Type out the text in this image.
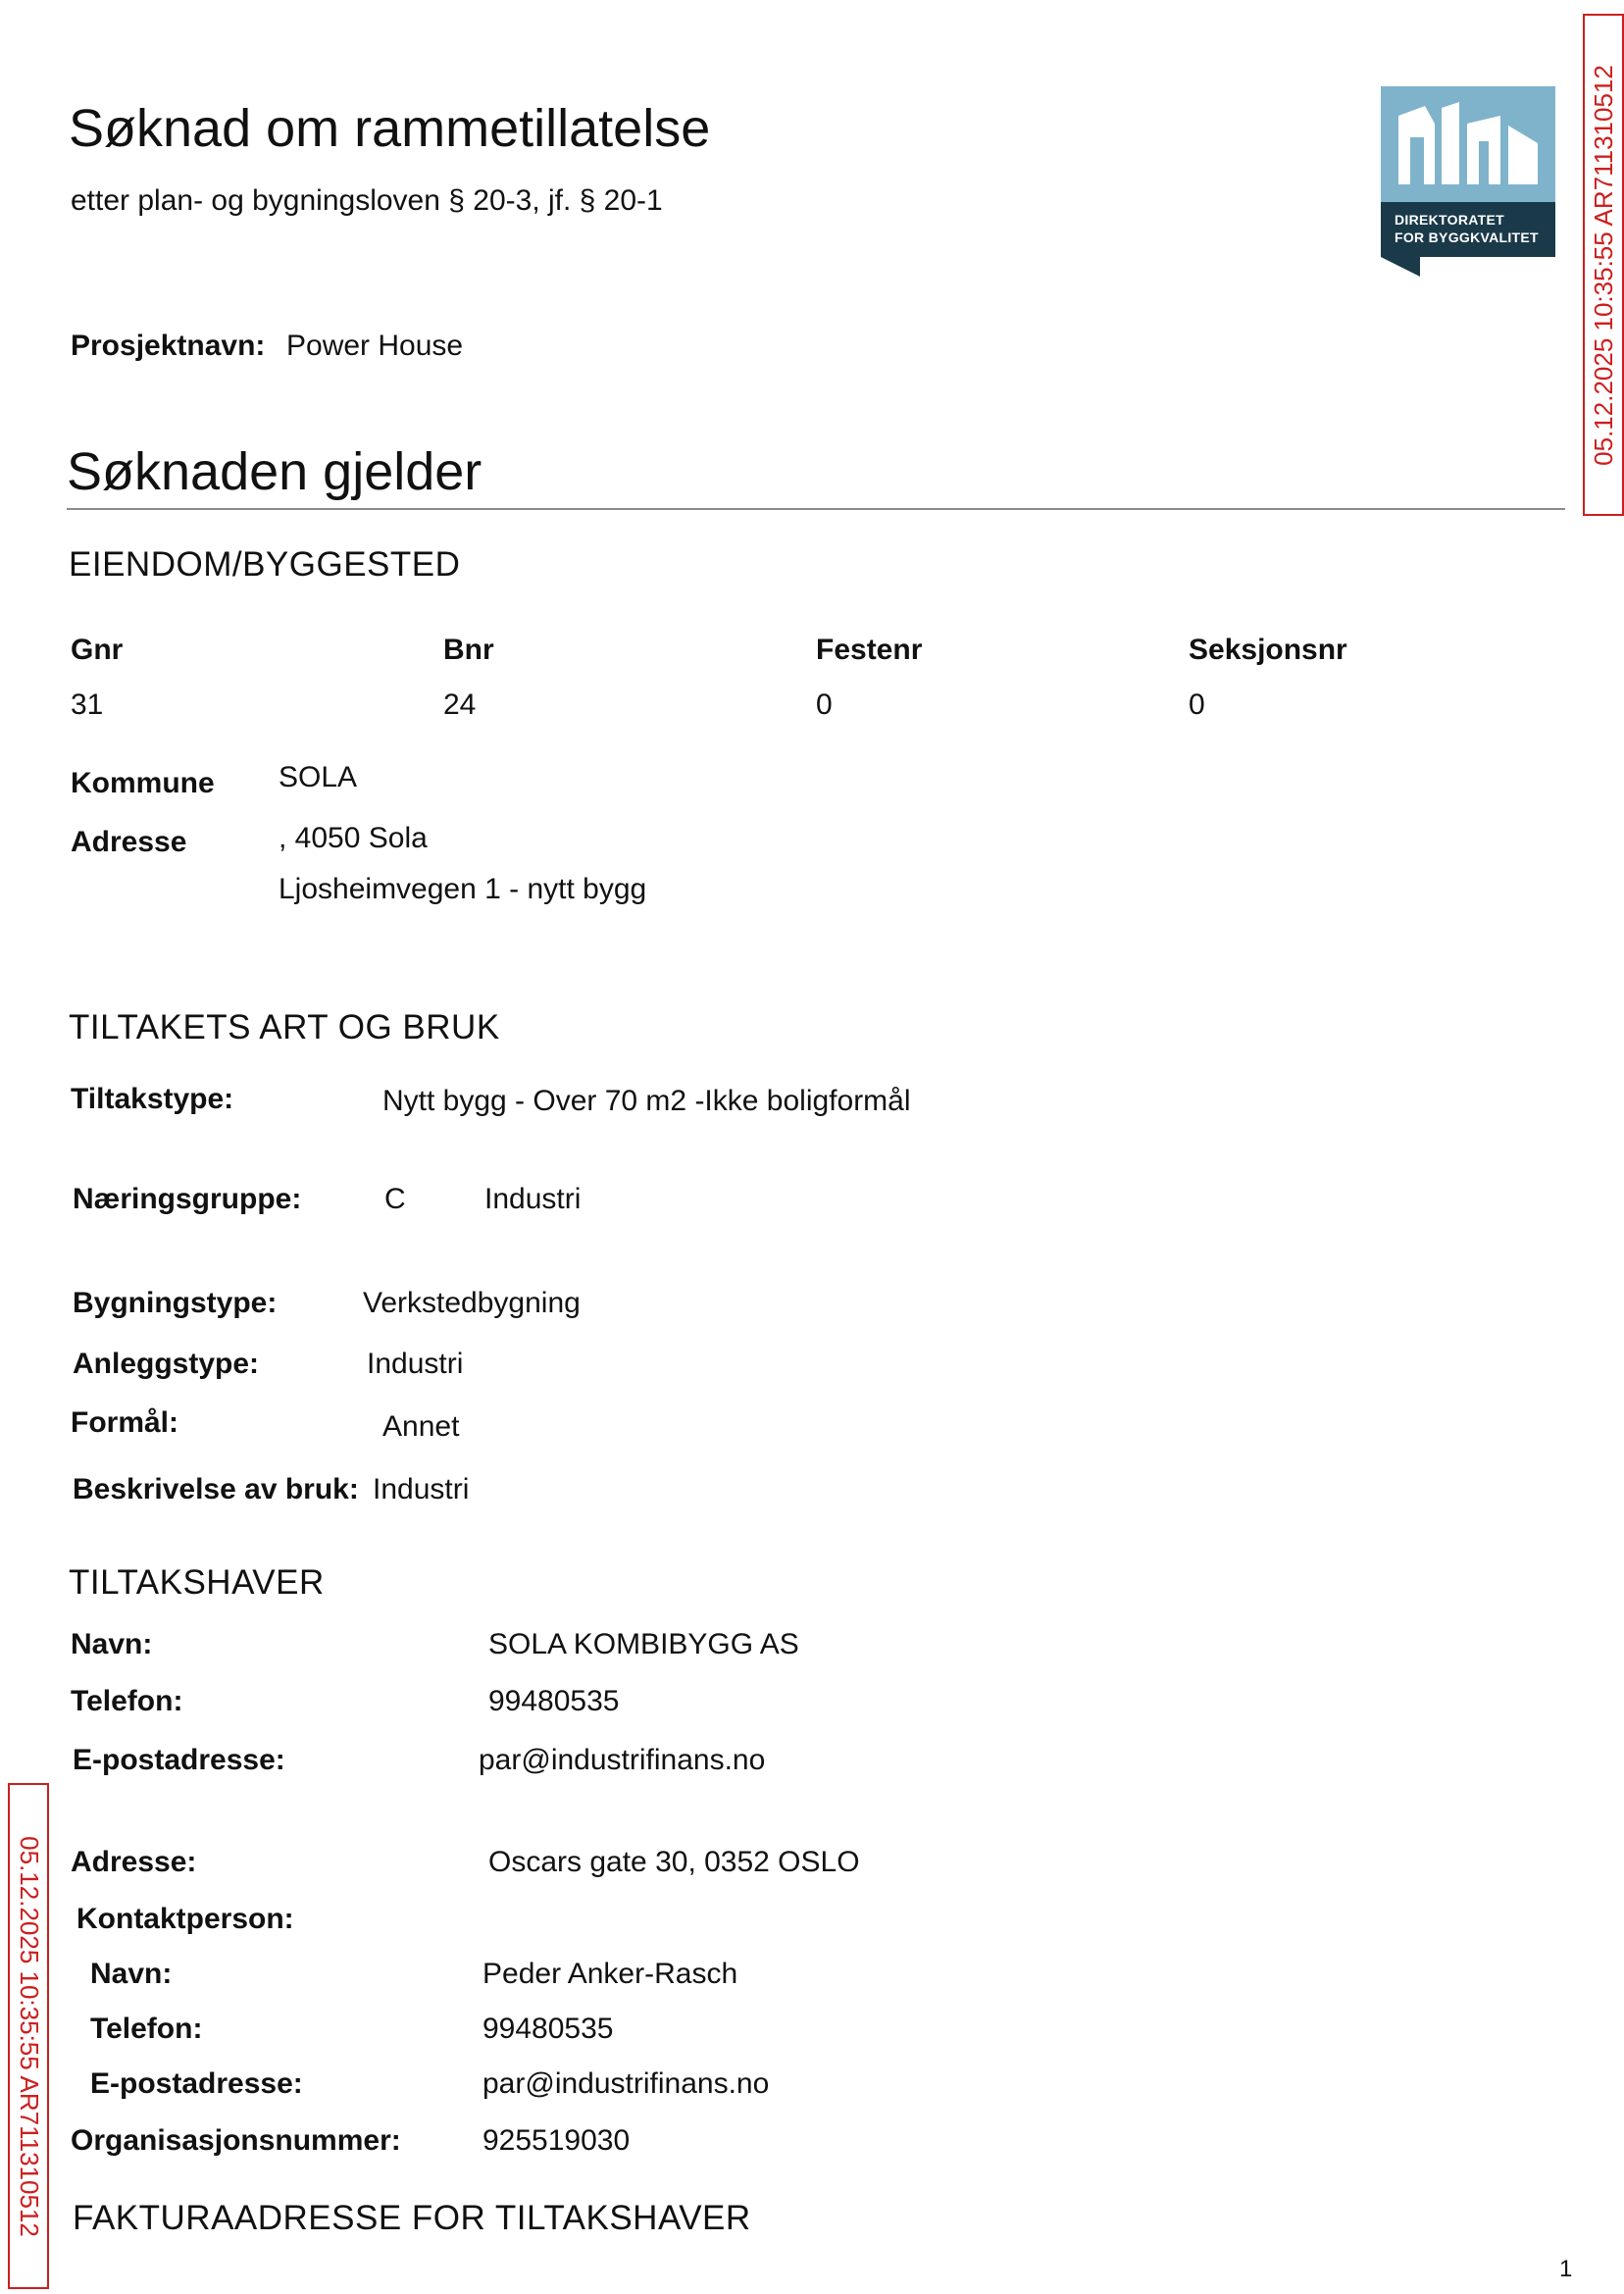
Søknad om rammetillatelse
etter plan- og bygningsloven § 20-3, jf. § 20-1
DIREKTORATET
FOR BYGGKVALITET	05.12.2025 10:35:55 AR711310512
05.12.2025 10:35:55 AR711310512
Prosjektnavn: Power House
Søknaden gjelder
EIENDOM/BYGGESTED
Gnr	Bnr	Festenr	Seksjonsnr
31	24	0	0
Kommune SOLA
Adresse	, 4050 Sola
Ljosheimvegen 1 - nytt bygg
TILTAKETS ART OG BRUK
Tiltakstype:	Nytt bygg - Over 70 m2 -Ikke boligformål
Næringsgruppe:	C	Industri
Bygningstype:	Verkstedbygning
Anleggstype:	Industri
Formål:	Annet
Beskrivelse av bruk: Industri
TILTAKSHAVER
Navn:	SOLA KOMBIBYGG AS
Telefon:	99480535
E-postadresse:	par@industrifinans.no
Adresse:	Oscars gate 30, 0352 OSLO
Kontaktperson:
Navn:	Peder Anker-Rasch
Telefon:	99480535
E-postadresse:	par@industrifinans.no
Organisasjonsnummer:	925519030
FAKTURAADRESSE FOR TILTAKSHAVER
1
